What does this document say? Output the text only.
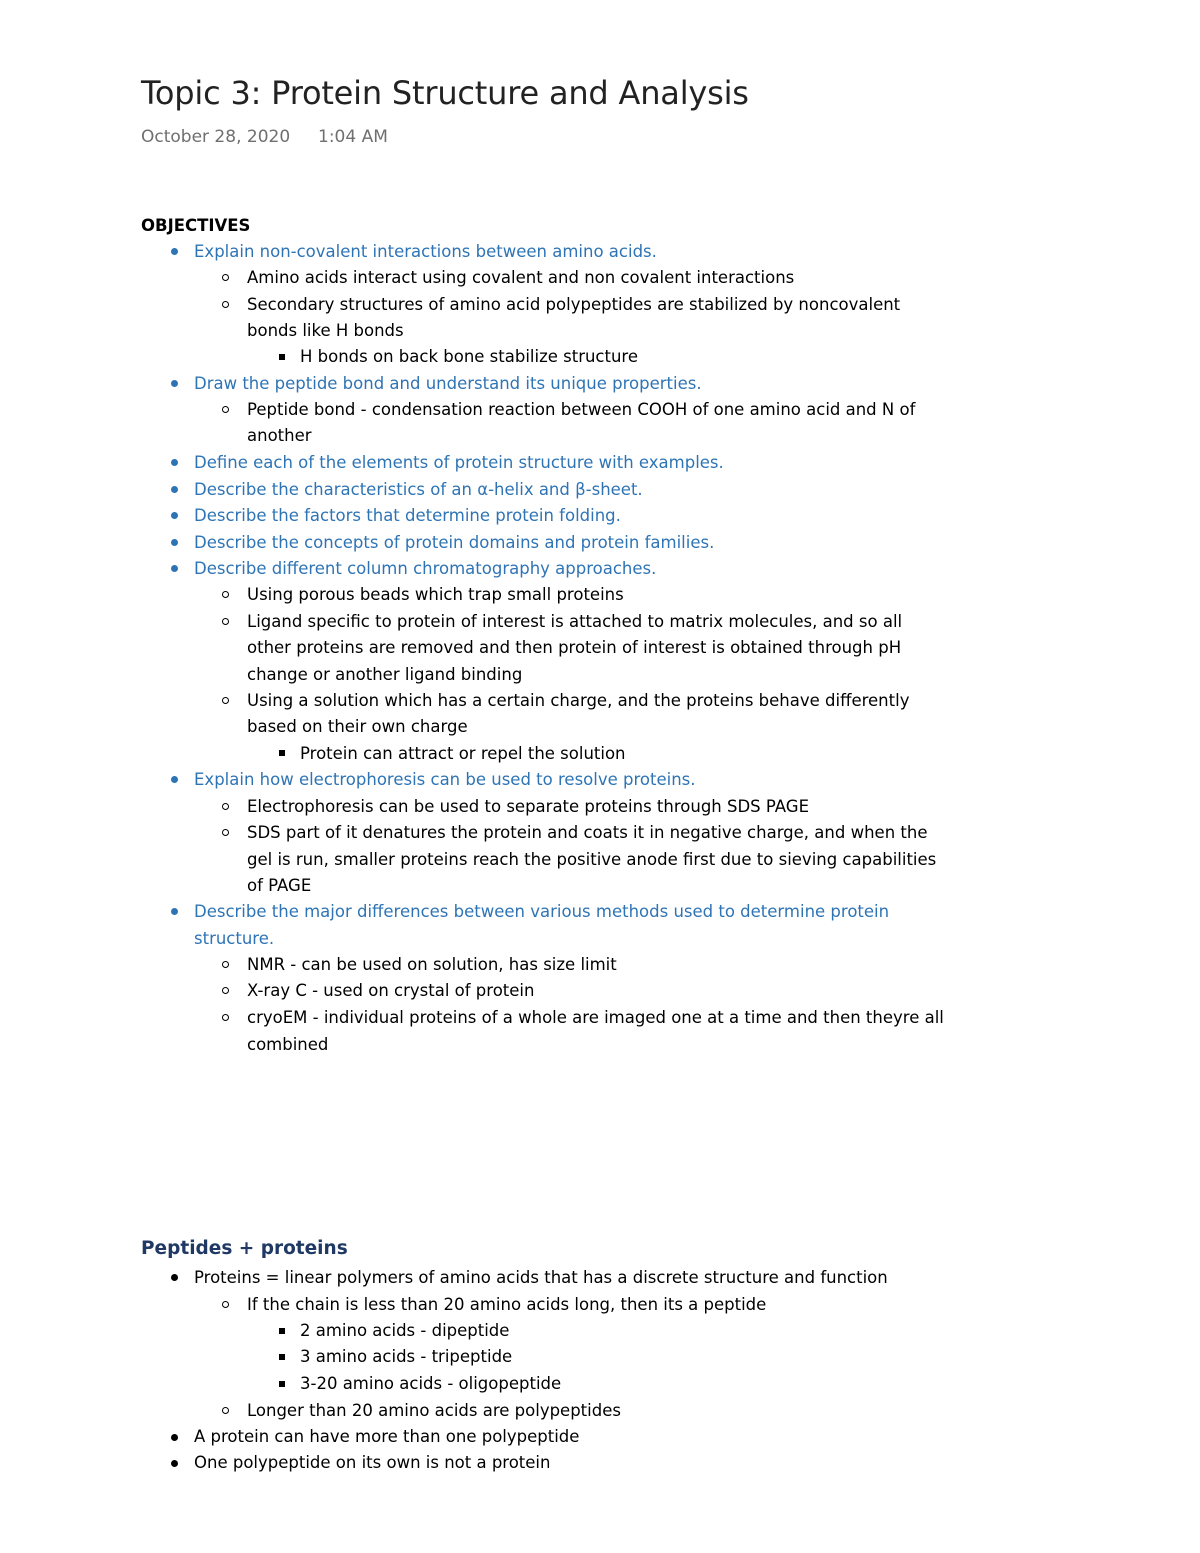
Topic 3: Protein Structure and Analysis
October 28, 2020 1:04 AM
OBJECTIVES
Explain non-covalent interactions between amino acids.
Amino acids interact using covalent and non covalent interactions
Secondary structures of amino acid polypeptides are stabilized by noncovalent
bonds like H bonds
H bonds on back bone stabilize structure
Draw the peptide bond and understand its unique properties.
Peptide bond - condensation reaction between COOH of one amino acid and N of
another
Define each of the elements of protein structure with examples.
Describe the characteristics of an α-helix and β-sheet.
Describe the factors that determine protein folding.
Describe the concepts of protein domains and protein families.
Describe different column chromatography approaches.
Using porous beads which trap small proteins
Ligand specific to protein of interest is attached to matrix molecules, and so all
other proteins are removed and then protein of interest is obtained through pH
change or another ligand binding
Using a solution which has a certain charge, and the proteins behave differently
based on their own charge
Protein can attract or repel the solution
Explain how electrophoresis can be used to resolve proteins.
Electrophoresis can be used to separate proteins through SDS PAGE
SDS part of it denatures the protein and coats it in negative charge, and when the
gel is run, smaller proteins reach the positive anode first due to sieving capabilities
of PAGE
Describe the major differences between various methods used to determine protein
structure.
NMR - can be used on solution, has size limit
X-ray C - used on crystal of protein
cryoEM - individual proteins of a whole are imaged one at a time and then theyre all
combined
Peptides + proteins
Proteins = linear polymers of amino acids that has a discrete structure and function
If the chain is less than 20 amino acids long, then its a peptide
2 amino acids - dipeptide
3 amino acids - tripeptide
3-20 amino acids - oligopeptide
Longer than 20 amino acids are polypeptides
A protein can have more than one polypeptide
One polypeptide on its own is not a protein
